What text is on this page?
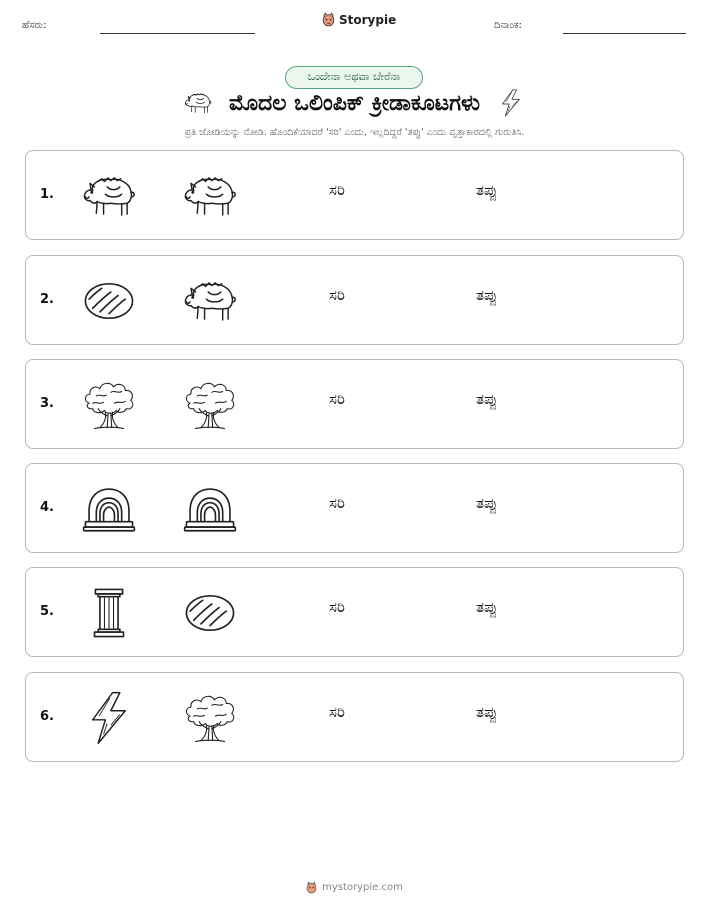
ಹೆಸರು:	Storypie	ದಿನಾಂಕ:
ಒಂದೇನಾ ಅಥವಾ ಬೇರೆನಾ
ಮೊದಲ ಒಲಿಂಪಿಕ್ ಕ್ರೀಡಾಕೂಟಗಳು
ಪ್ರತಿ ಜೋಡಿಯನ್ನು ನೋಡಿ. ಹೊಂದಿಕೆಯಾದರೆ 'ಸರಿ' ಎಂದು, ಇಲ್ಲದಿದ್ದರೆ 'ತಪ್ಪು' ಎಂದು ವೃತ್ತಾಕಾರದಲ್ಲಿ ಗುರುತಿಸಿ.
1.	ಸರಿ	ತಪ್ಪು
2.	ಸರಿ	ತಪ್ಪು
3.	ಸರಿ	ತಪ್ಪು
4.	ಸರಿ	ತಪ್ಪು
5.	ಸರಿ	ತಪ್ಪು
6.	ಸರಿ	ತಪ್ಪು
mystorypie.com
